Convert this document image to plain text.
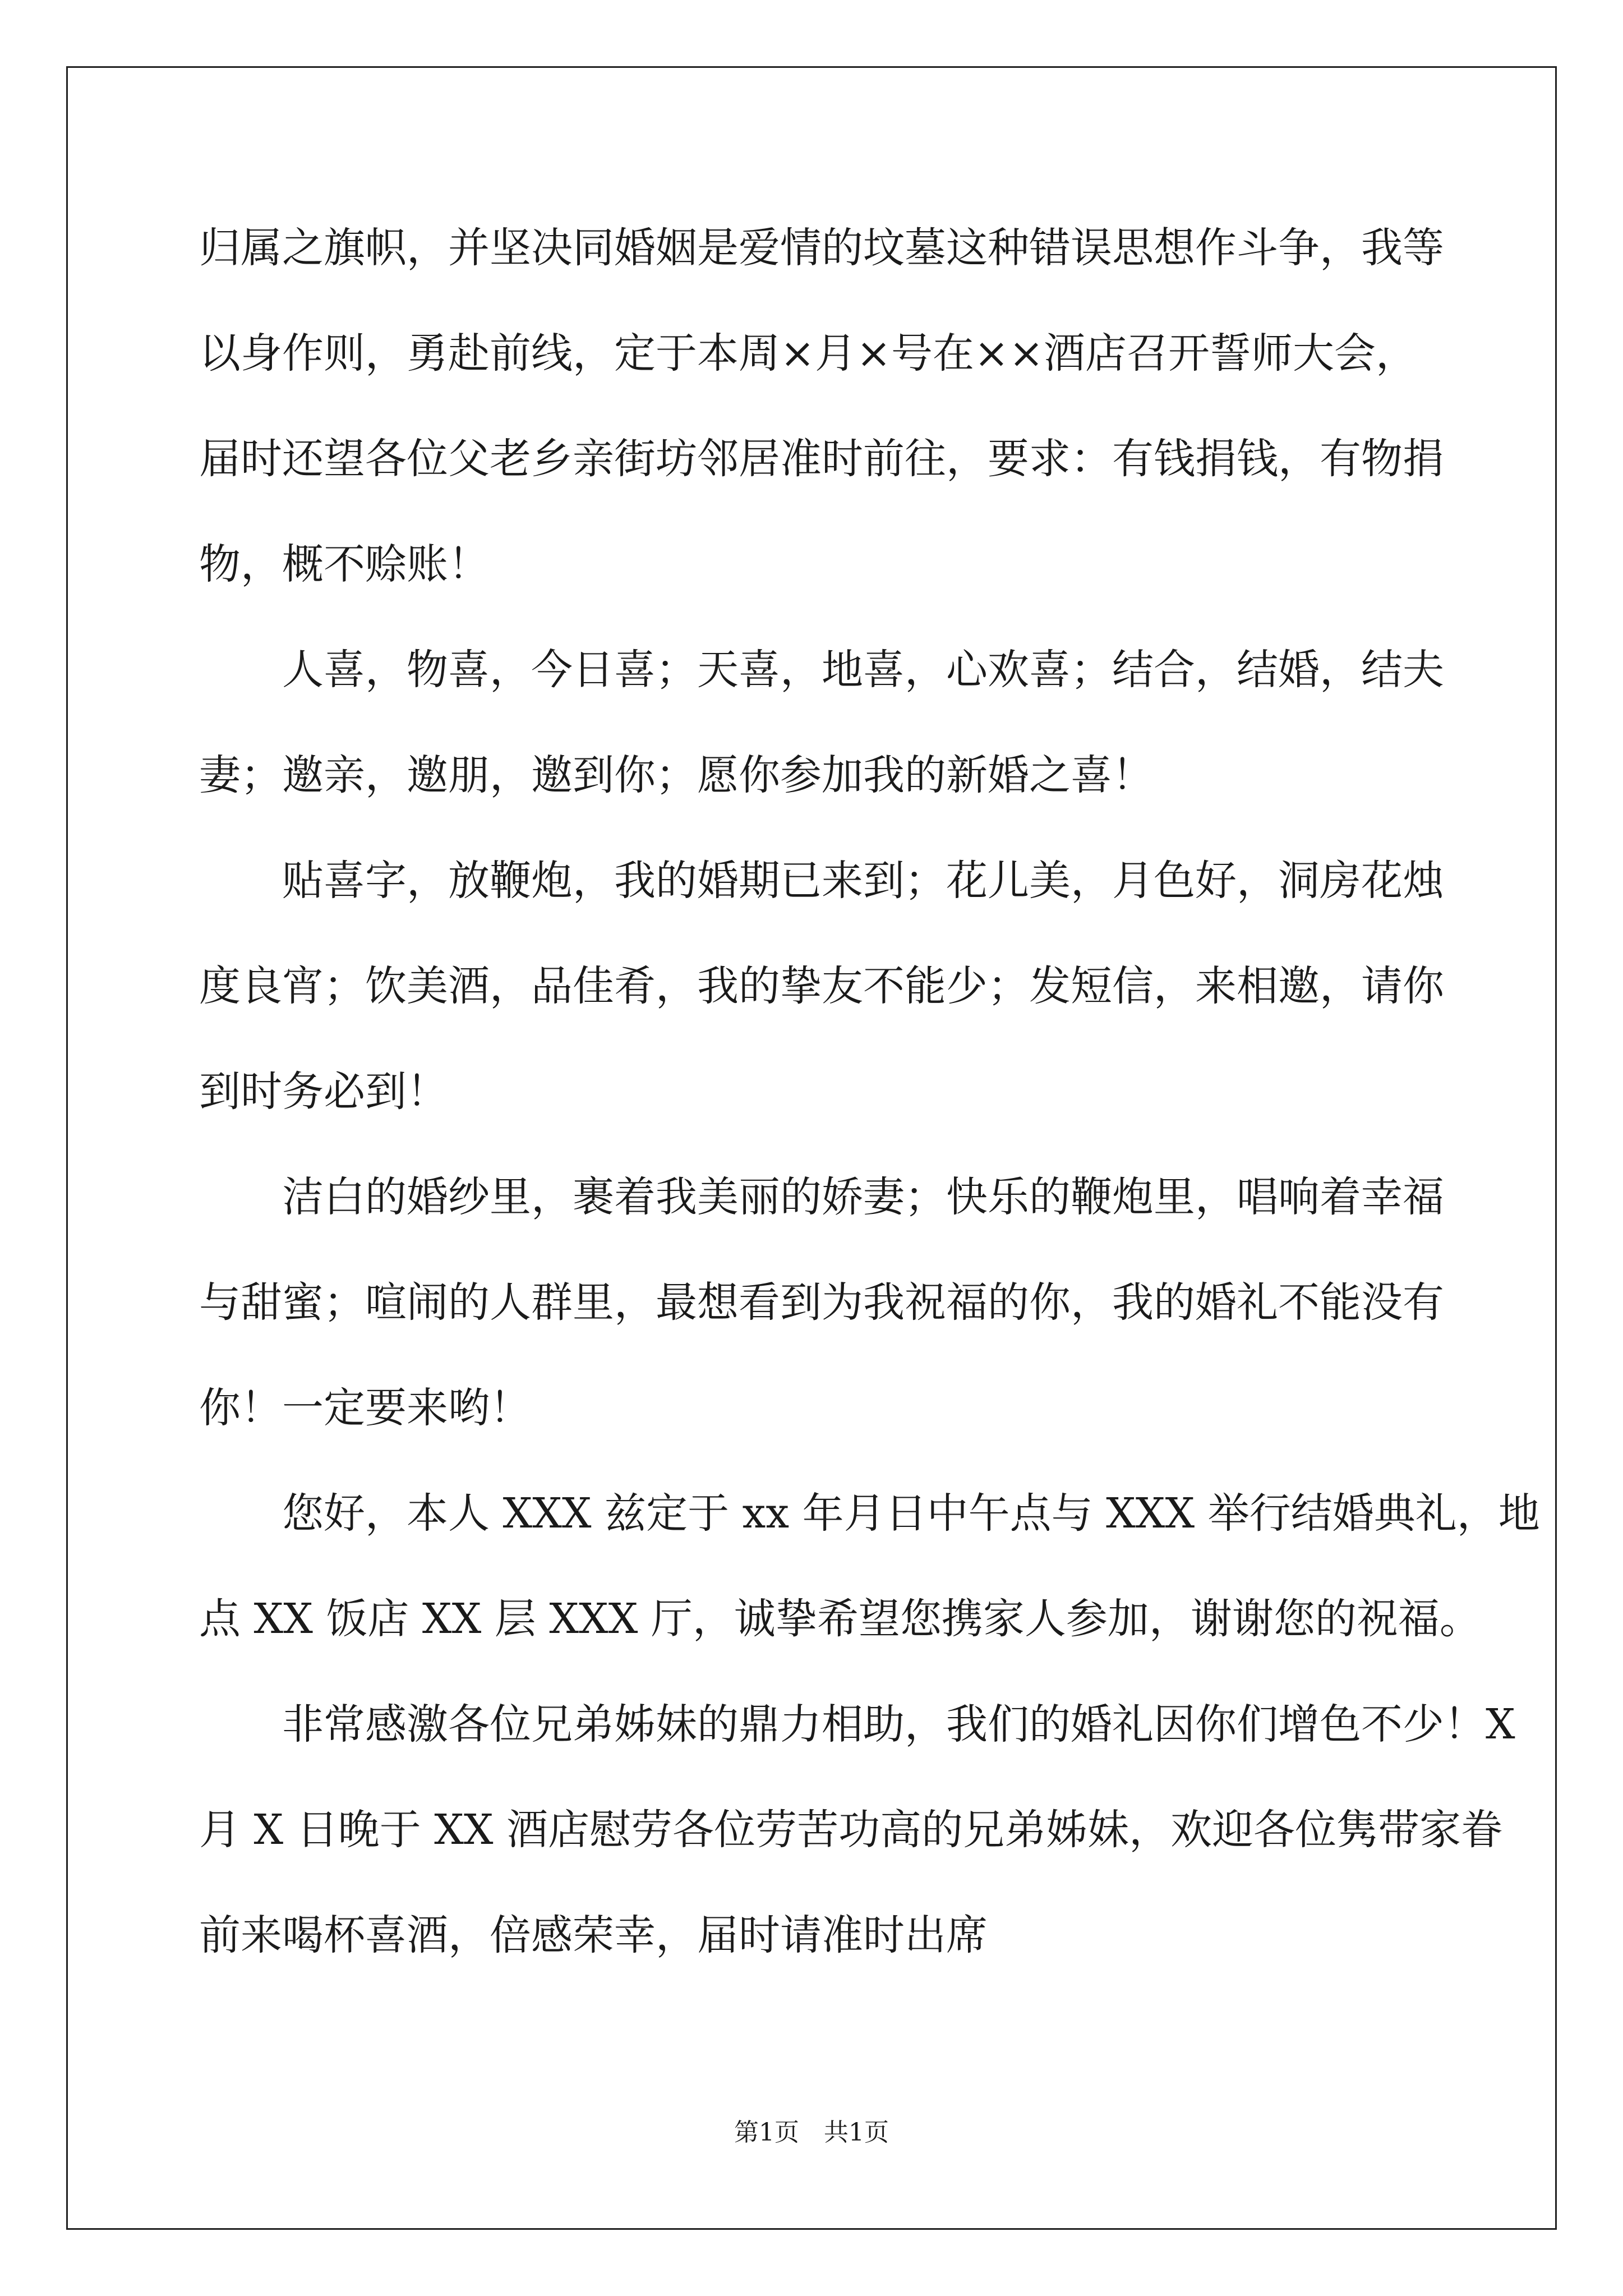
归属之旗帜，并坚决同婚姻是爱情的坟墓这种错误思想作斗争，我等
以身作则，勇赴前线，定于本周×月×号在××酒店召开誓师大会，
届时还望各位父老乡亲街坊邻居准时前往，要求：有钱捐钱，有物捐
物，概不赊账！
人喜，物喜，今日喜；天喜，地喜，心欢喜；结合，结婚，结夫
妻；邀亲，邀朋，邀到你；愿你参加我的新婚之喜！
贴喜字，放鞭炮，我的婚期已来到；花儿美，月色好，洞房花烛
度良宵；饮美酒，品佳肴，我的挚友不能少；发短信，来相邀，请你
到时务必到！
洁白的婚纱里，裹着我美丽的娇妻；快乐的鞭炮里，唱响着幸福
与甜蜜；喧闹的人群里，最想看到为我祝福的你，我的婚礼不能没有
你！一定要来哟！
您好，本人 XXX 兹定于 xx 年月日中午点与 XXX 举行结婚典礼，地
点 XX 饭店 XX 层 XXX 厅，诚挚希望您携家人参加，谢谢您的祝福。
非常感激各位兄弟姊妹的鼎力相助，我们的婚礼因你们增色不少！X
月 X 日晚于 XX 酒店慰劳各位劳苦功高的兄弟姊妹，欢迎各位隽带家眷
前来喝杯喜酒，倍感荣幸，届时请准时出席
第1页 共1页
